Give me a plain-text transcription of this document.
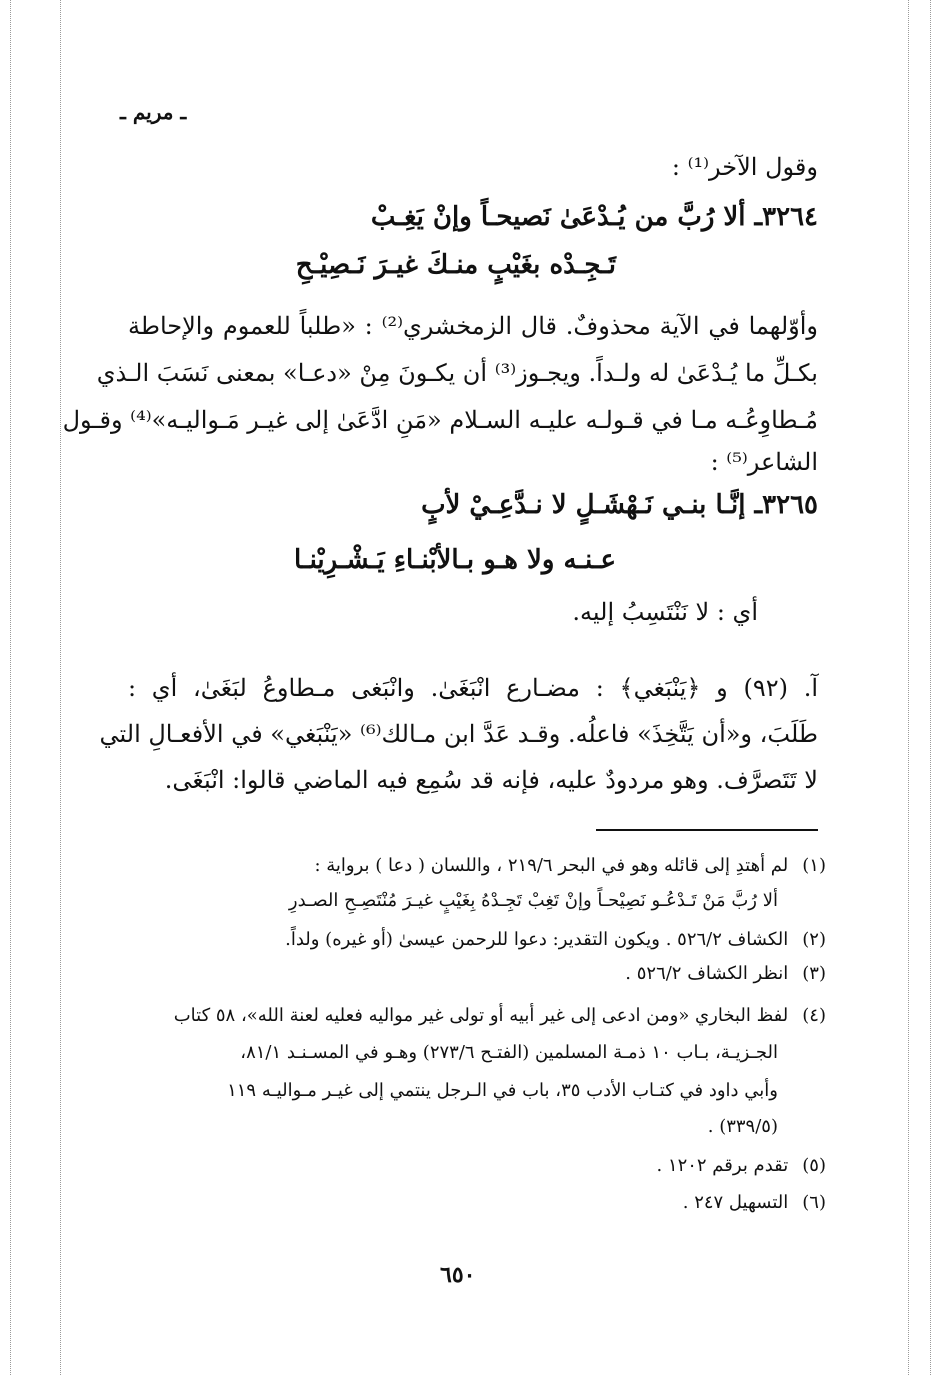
ـ مريم ـ
وقول الآخر⁽¹⁾ :
٣٢٦٤ـ ألا رُبَّ من يُـدْعَىٰ نَصيحـاً وإنْ يَغِـبْ
تَـجِـدْه بغَيْبٍ منـكَ غيـرَ نَـصِيْـحِ
وأوّلهما في الآية محذوفٌ. قال الزمخشري⁽²⁾ : «طلباً للعموم والإحاطة
بكـلِّ ما يُـدْعَىٰ له ولـداً. ويجـوز⁽³⁾ أن يكـونَ مِنْ «دعـا» بمعنى نَسَبَ الـذي
مُـطاوِعُـه مـا في قـولـه عليـه السـلام «مَنِ ادَّعَىٰ إلى غيـر مَـواليـه»⁽⁴⁾ وقـول
الشاعر⁽⁵⁾ :
٣٢٦٥ـ إنَّـا بنـي نَـهْشَـلٍ لا نـدَّعِـيْ لأبٍ
عـنـه ولا هـو بـالأبْنـاءِ يَـشْـرِيْنـا
أي : لا نَنْتَسِبُ إليه.
آ. (٩٢) و ﴿يَنْبَغي﴾ : مضـارع انْبَغَىٰ. وانْبَغى مـطاوعُ لبَغَىٰ، أي :
طَلَبَ، و«أن يَتَّخِذَ» فاعلُه. وقـد عَدَّ ابن مـالك⁽⁶⁾ «يَنْبَغي» في الأفعـالِ التي
لا تَتَصرَّف. وهو مردودٌ عليه، فإنه قد سُمِع فيه الماضي قالوا: انْبَغَى.
(١)لم أهتدِ إلى قائله وهو في البحر ٢١٩/٦ ، واللسان ( دعا ) برواية :
ألا رُبَّ مَنْ تَـدْعُـو نَصِيْحـاً وإنْ تَغِبْ تَجِـدْهُ بِغَيْبٍ غيـرَ مُنْتَصِـحِ الصـدرِ
(٢)الكشاف ٥٢٦/٢ . ويكون التقدير: دعوا للرحمن عيسىٰ (أو غيره) ولداً.
(٣)انظر الكشاف ٥٢٦/٢ .
(٤)لفظ البخاري «ومن ادعى إلى غير أبيه أو تولى غير مواليه فعليه لعنة الله»، ٥٨ كتاب
الجـزيـة، بـاب ١٠ ذمـة المسلمين (الفتـح ٢٧٣/٦) وهـو في المسـنـد ٨١/١،
وأبي داود في كتـاب الأدب ٣٥، باب في الـرجل ينتمي إلى غيـر مـواليـه ١١٩
(٣٣٩/٥) .
(٥)تقدم برقم ١٢٠٢ .
(٦)التسهيل ٢٤٧ .
٦٥٠
